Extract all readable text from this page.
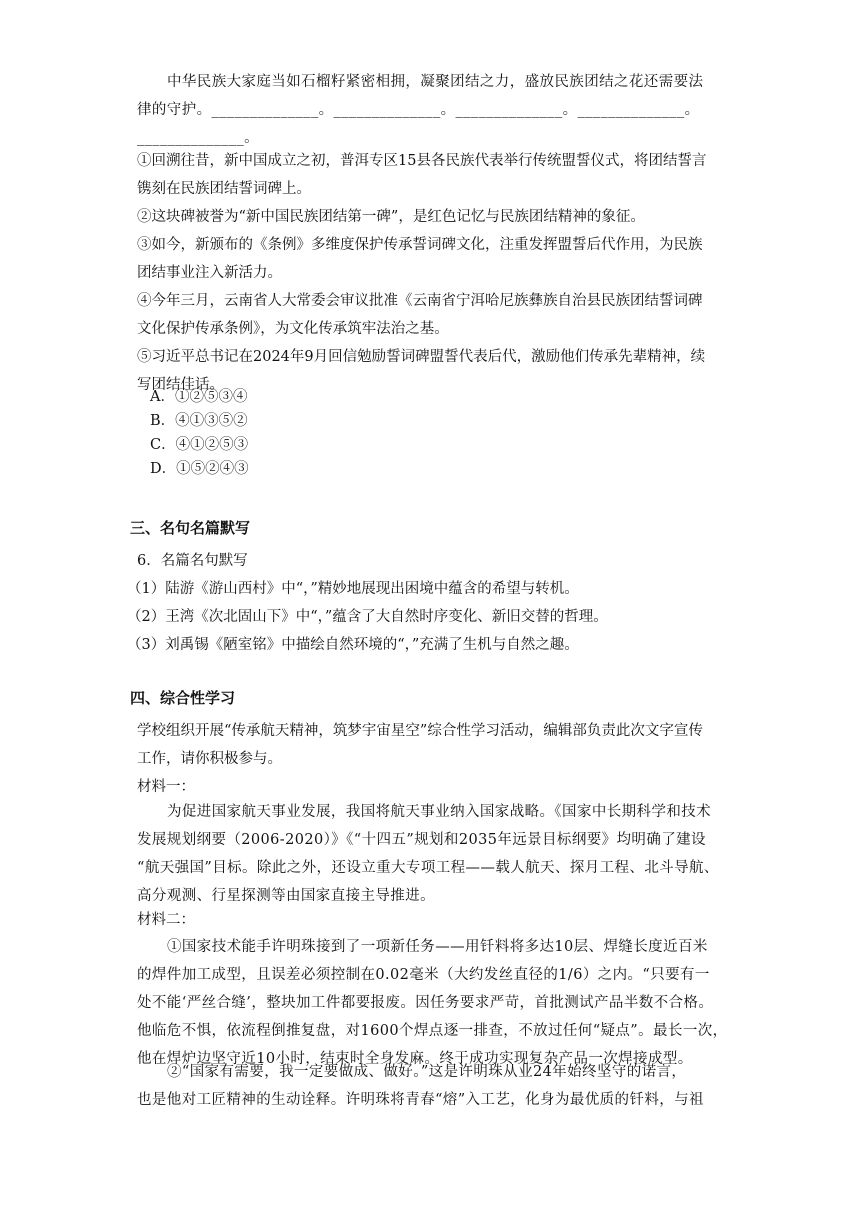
中华民族大家庭当如石榴籽紧密相拥，凝聚团结之力，盛放民族团结之花还需要法
律的守护。______________。______________。______________。______________。
______________。
①回溯往昔，新中国成立之初，普洱专区15县各民族代表举行传统盟誓仪式，将团结誓言
镌刻在民族团结誓词碑上。
②这块碑被誉为“新中国民族团结第一碑”，是红色记忆与民族团结精神的象征。
③如今，新颁布的《条例》多维度保护传承誓词碑文化，注重发挥盟誓后代作用，为民族
团结事业注入新活力。
④今年三月，云南省人大常委会审议批准《云南省宁洱哈尼族彝族自治县民族团结誓词碑
文化保护传承条例》，为文化传承筑牢法治之基。
⑤习近平总书记在2024年9月回信勉励誓词碑盟誓代表后代，激励他们传承先辈精神，续
写团结佳话。
A．①②⑤③④
B．④①③⑤②
C．④①②⑤③
D．①⑤②④③
三、名句名篇默写
6．名篇名句默写
（1）陆游《游山西村》中“，”精妙地展现出困境中蕴含的希望与转机。
（2）王湾《次北固山下》中“，”蕴含了大自然时序变化、新旧交替的哲理。
（3）刘禹锡《陋室铭》中描绘自然环境的“，”充满了生机与自然之趣。
四、综合性学习
学校组织开展“传承航天精神，筑梦宇宙星空”综合性学习活动，编辑部负责此次文字宣传
工作，请你积极参与。
材料一：
为促进国家航天事业发展，我国将航天事业纳入国家战略。《国家中长期科学和技术
发展规划纲要（2006-2020）》《“十四五”规划和2035年远景目标纲要》均明确了建设
“航天强国”目标。除此之外，还设立重大专项工程——载人航天、探月工程、北斗导航、
高分观测、行星探测等由国家直接主导推进。
材料二：
①国家技术能手许明珠接到了一项新任务——用钎料将多达10层、焊缝长度近百米
的焊件加工成型，且误差必须控制在0.02毫米（大约发丝直径的1/6）之内。“只要有一
处不能‘严丝合缝’，整块加工件都要报废。因任务要求严苛，首批测试产品半数不合格。
他临危不惧，依流程倒推复盘，对1600个焊点逐一排查，不放过任何“疑点”。最长一次，
他在焊炉边坚守近10小时，结束时全身发麻。终于成功实现复杂产品一次焊接成型。
②“国家有需要，我一定要做成、做好。”这是许明珠从业24年始终坚守的诺言，
也是他对工匠精神的生动诠释。许明珠将青春“熔”入工艺，化身为最优质的钎料，与祖
